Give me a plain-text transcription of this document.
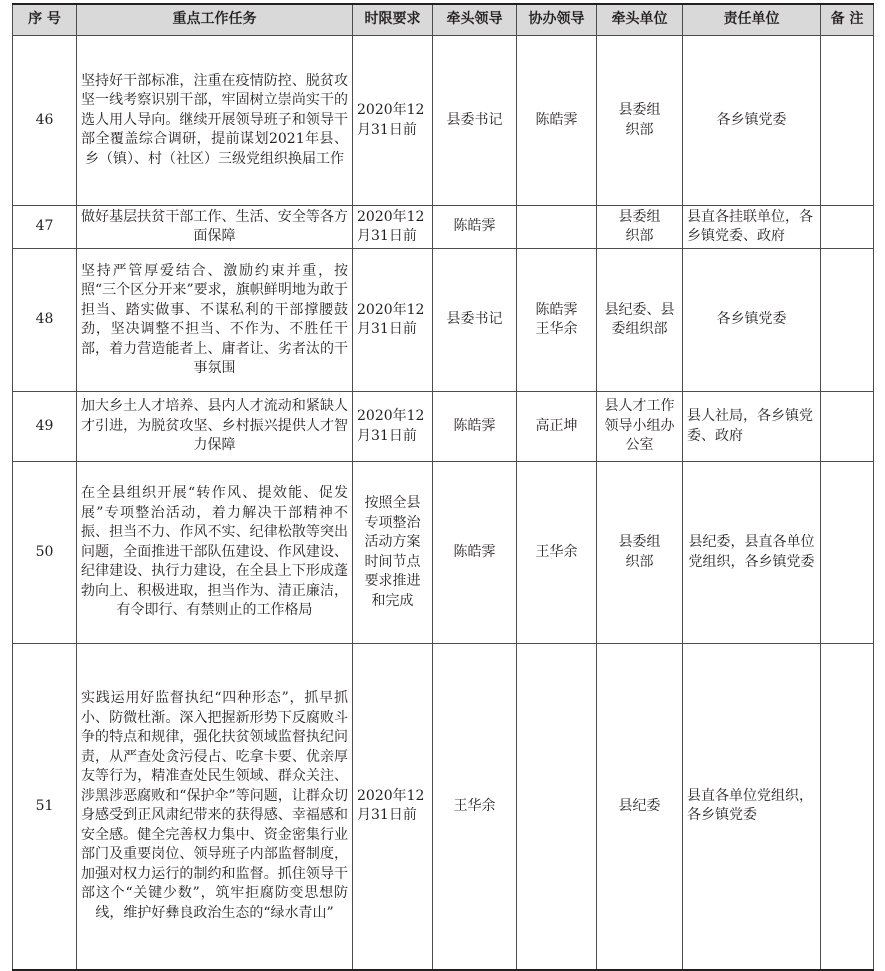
序 号	重点工作任务	时限要求	牵头领导	协办领导	牵头单位	责任单位	备 注
46	坚持好干部标准，注重在疫情防控、脱贫攻坚一线考察识别干部，牢固树立崇尚实干的选人用人导向。继续开展领导班子和领导干部全覆盖综合调研，提前谋划2021年县、乡（镇）、村（社区）三级党组织换届工作	2020年12月31日前	县委书记	陈皓霁	县委组织部	各乡镇党委	
47	做好基层扶贫干部工作、生活、安全等各方面保障	2020年12月31日前	陈皓霁		县委组织部	县直各挂联单位，各乡镇党委、政府	
48	坚持严管厚爱结合、激励约束并重，按照“三个区分开来”要求，旗帜鲜明地为敢于担当、踏实做事、不谋私利的干部撑腰鼓劲，坚决调整不担当、不作为、不胜任干部，着力营造能者上、庸者让、劣者汰的干事氛围	2020年12月31日前	县委书记	陈皓霁王华余	县纪委、县委组织部	各乡镇党委	
49	加大乡土人才培养、县内人才流动和紧缺人才引进，为脱贫攻坚、乡村振兴提供人才智力保障	2020年12月31日前	陈皓霁	高正坤	县人才工作领导小组办公室	县人社局，各乡镇党委、政府	
50	在全县组织开展“转作风、提效能、促发展”专项整治活动，着力解决干部精神不振、担当不力、作风不实、纪律松散等突出问题，全面推进干部队伍建设、作风建设、纪律建设、执行力建设，在全县上下形成蓬勃向上、积极进取，担当作为、清正廉洁，有令即行、有禁则止的工作格局	按照全县专项整治活动方案时间节点要求推进和完成	陈皓霁	王华余	县委组织部	县纪委，县直各单位党组织，各乡镇党委	
51	实践运用好监督执纪“四种形态”，抓早抓小、防微杜渐。深入把握新形势下反腐败斗争的特点和规律，强化扶贫领域监督执纪问责，从严查处贪污侵占、吃拿卡要、优亲厚友等行为，精准查处民生领域、群众关注、涉黑涉恶腐败和“保护伞”等问题，让群众切身感受到正风肃纪带来的获得感、幸福感和安全感。健全完善权力集中、资金密集行业部门及重要岗位、领导班子内部监督制度，加强对权力运行的制约和监督。抓住领导干部这个“关键少数”，筑牢拒腐防变思想防线，维护好彝良政治生态的“绿水青山”	2020年12月31日前	王华余		县纪委	县直各单位党组织，各乡镇党委	
